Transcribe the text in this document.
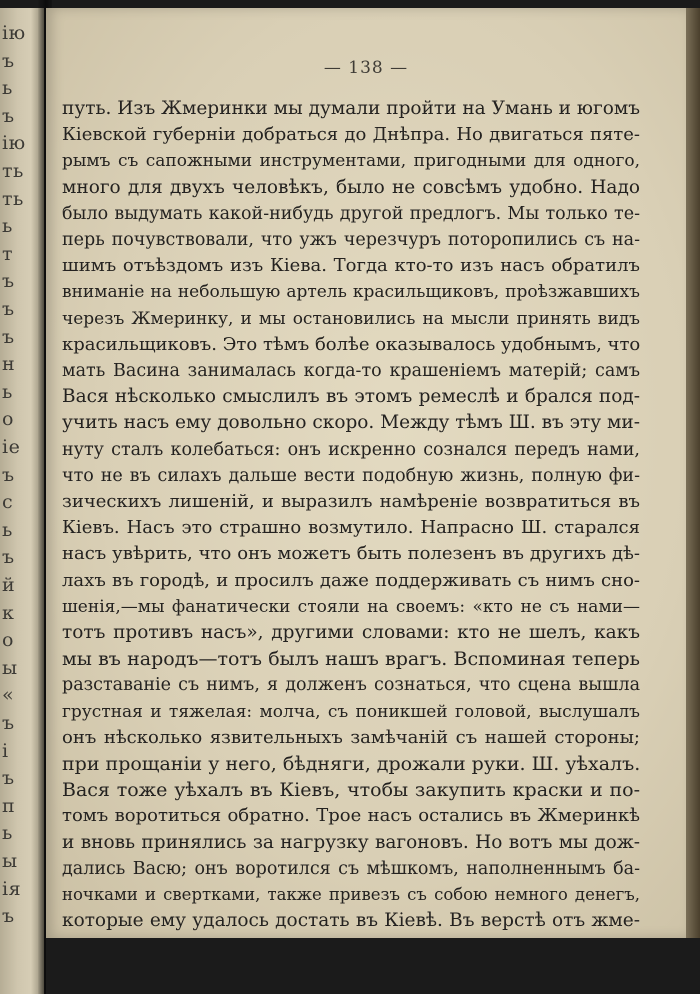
ію
ъ
ь
ъ
ію
ть
ть
ь
т
ъ
ъ
ъ
н
ь
о
іе
ъ
с
ь
ъ
й
к
о
ы
«
ъ
і
ъ
п
ь
ы
ія
ъ
— 138 —
путь. Изъ Жмеринки мы думали пройти на Умань и югомъ
Кіевской губерніи добраться до Днѣпра. Но двигаться пяте-
рымъ съ сапожными инструментами, пригодными для одного,
много для двухъ человѣкъ, было не совсѣмъ удобно. Надо
было выдумать какой-нибудь другой предлогъ. Мы только те-
перь почувствовали, что ужъ черезчуръ поторопились съ на-
шимъ отъѣздомъ изъ Кіева. Тогда кто-то изъ насъ обратилъ
вниманіе на небольшую артель красильщиковъ, проѣзжавшихъ
черезъ Жмеринку, и мы остановились на мысли принять видъ
красильщиковъ. Это тѣмъ болѣе оказывалось удобнымъ, что
мать Васина занималась когда-то крашеніемъ матерій; самъ
Вася нѣсколько смыслилъ въ этомъ ремеслѣ и брался под-
учить насъ ему довольно скоро. Между тѣмъ Ш. въ эту ми-
нуту сталъ колебаться: онъ искренно сознался передъ нами,
что не въ силахъ дальше вести подобную жизнь, полную фи-
зическихъ лишеній, и выразилъ намѣреніе возвратиться въ
Кіевъ. Насъ это страшно возмутило. Напрасно Ш. старался
насъ увѣрить, что онъ можетъ быть полезенъ въ другихъ дѣ-
лахъ въ городѣ, и просилъ даже поддерживать съ нимъ сно-
шенія,—мы фанатически стояли на своемъ: «кто не съ нами—
тотъ противъ насъ», другими словами: кто не шелъ, какъ
мы въ народъ—тотъ былъ нашъ врагъ. Вспоминая теперь
разставаніе съ нимъ, я долженъ сознаться, что сцена вышла
грустная и тяжелая: молча, съ поникшей головой, выслушалъ
онъ нѣсколько язвительныхъ замѣчаній съ нашей стороны;
при прощаніи у него, бѣдняги, дрожали руки. Ш. уѣхалъ.
Вася тоже уѣхалъ въ Кіевъ, чтобы закупить краски и по-
томъ воротиться обратно. Трое насъ остались въ Жмеринкѣ
и вновь принялись за нагрузку вагоновъ. Но вотъ мы дож-
дались Васю; онъ воротился съ мѣшкомъ, наполненнымъ ба-
ночками и свертками, также привезъ съ собою немного денегъ,
которые ему удалось достать въ Кіевѣ. Въ верстѣ отъ жме-
